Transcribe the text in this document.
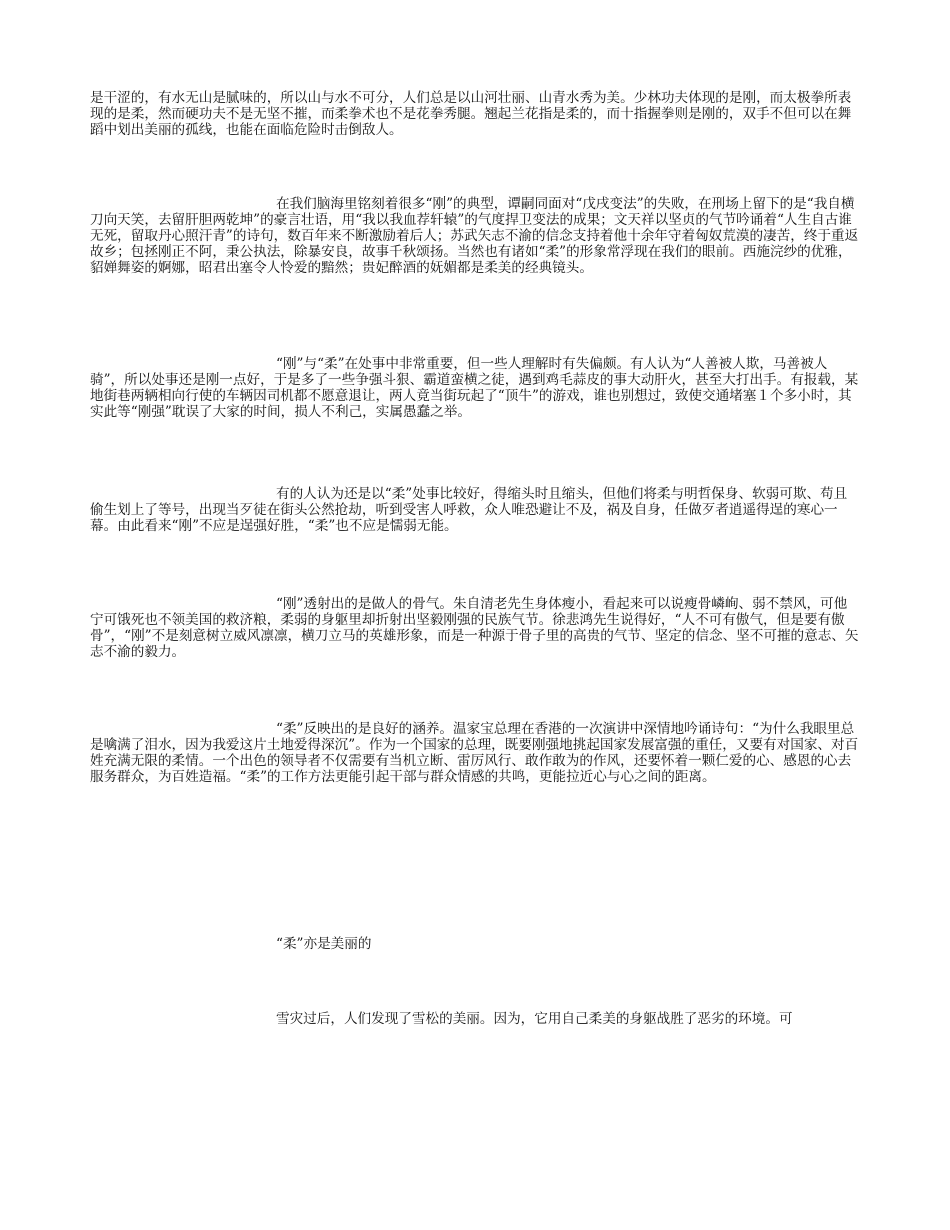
是干涩的，有水无山是腻味的，所以山与水不可分，人们总是以山河壮丽、山青水秀为美。少林功夫体现的是刚，而太极拳所表现的是柔，然而硬功夫不是无坚不摧，而柔拳术也不是花拳秀腿。翘起兰花指是柔的，而十指握拳则是刚的，双手不但可以在舞蹈中划出美丽的孤线，也能在面临危险时击倒敌人。

在我们脑海里铭刻着很多“刚”的典型，谭嗣同面对“戊戌变法”的失败，在刑场上留下的是“我自横刀向天笑，去留肝胆两乾坤”的豪言壮语，用“我以我血荐轩辕”的气度捍卫变法的成果；文天祥以坚贞的气节吟诵着“人生自古谁无死，留取丹心照汗青”的诗句，数百年来不断激励着后人；苏武矢志不渝的信念支持着他十余年守着匈奴荒漠的凄苦，终于重返故乡；包拯刚正不阿，秉公执法，除暴安良，故事千秋颂扬。当然也有诸如“柔”的形象常浮现在我们的眼前。西施浣纱的优雅，貂婵舞姿的婀娜，昭君出塞令人怜爱的黯然；贵妃醉酒的妩媚都是柔美的经典镜头。

“刚”与“柔”在处事中非常重要，但一些人理解时有失偏颇。有人认为“人善被人欺，马善被人骑”，所以处事还是刚一点好，于是多了一些争强斗狠、霸道蛮横之徒，遇到鸡毛蒜皮的事大动肝火，甚至大打出手。有报载，某地街巷两辆相向行使的车辆因司机都不愿意退让，两人竟当街玩起了“顶牛”的游戏，谁也别想过，致使交通堵塞１个多小时，其实此等“刚强”耽误了大家的时间，损人不利己，实属愚蠢之举。

有的人认为还是以“柔”处事比较好，得缩头时且缩头，但他们将柔与明哲保身、软弱可欺、苟且偷生划上了等号，出现当歹徒在街头公然抢劫，听到受害人呼救，众人唯恐避让不及，祸及自身，任做歹者逍遥得逞的寒心一幕。由此看来“刚”不应是逞强好胜，“柔”也不应是懦弱无能。

“刚”透射出的是做人的骨气。朱自清老先生身体瘦小，看起来可以说瘦骨嶙峋、弱不禁风，可他宁可饿死也不领美国的救济粮，柔弱的身躯里却折射出坚毅刚强的民族气节。徐悲鸿先生说得好，“人不可有傲气，但是要有傲骨”，“刚”不是刻意树立威风凛凛，横刀立马的英雄形象，而是一种源于骨子里的高贵的气节、坚定的信念、坚不可摧的意志、矢志不渝的毅力。

“柔”反映出的是良好的涵养。温家宝总理在香港的一次演讲中深情地吟诵诗句：“为什么我眼里总是噙满了泪水，因为我爱这片土地爱得深沉”。作为一个国家的总理，既要刚强地挑起国家发展富强的重任，又要有对国家、对百姓充满无限的柔情。一个出色的领导者不仅需要有当机立断、雷厉风行、敢作敢为的作风，还要怀着一颗仁爱的心、感恩的心去服务群众，为百姓造福。“柔”的工作方法更能引起干部与群众情感的共鸣，更能拉近心与心之间的距离。

“柔”亦是美丽的

雪灾过后，人们发现了雪松的美丽。因为，它用自己柔美的身躯战胜了恶劣的环境。可
